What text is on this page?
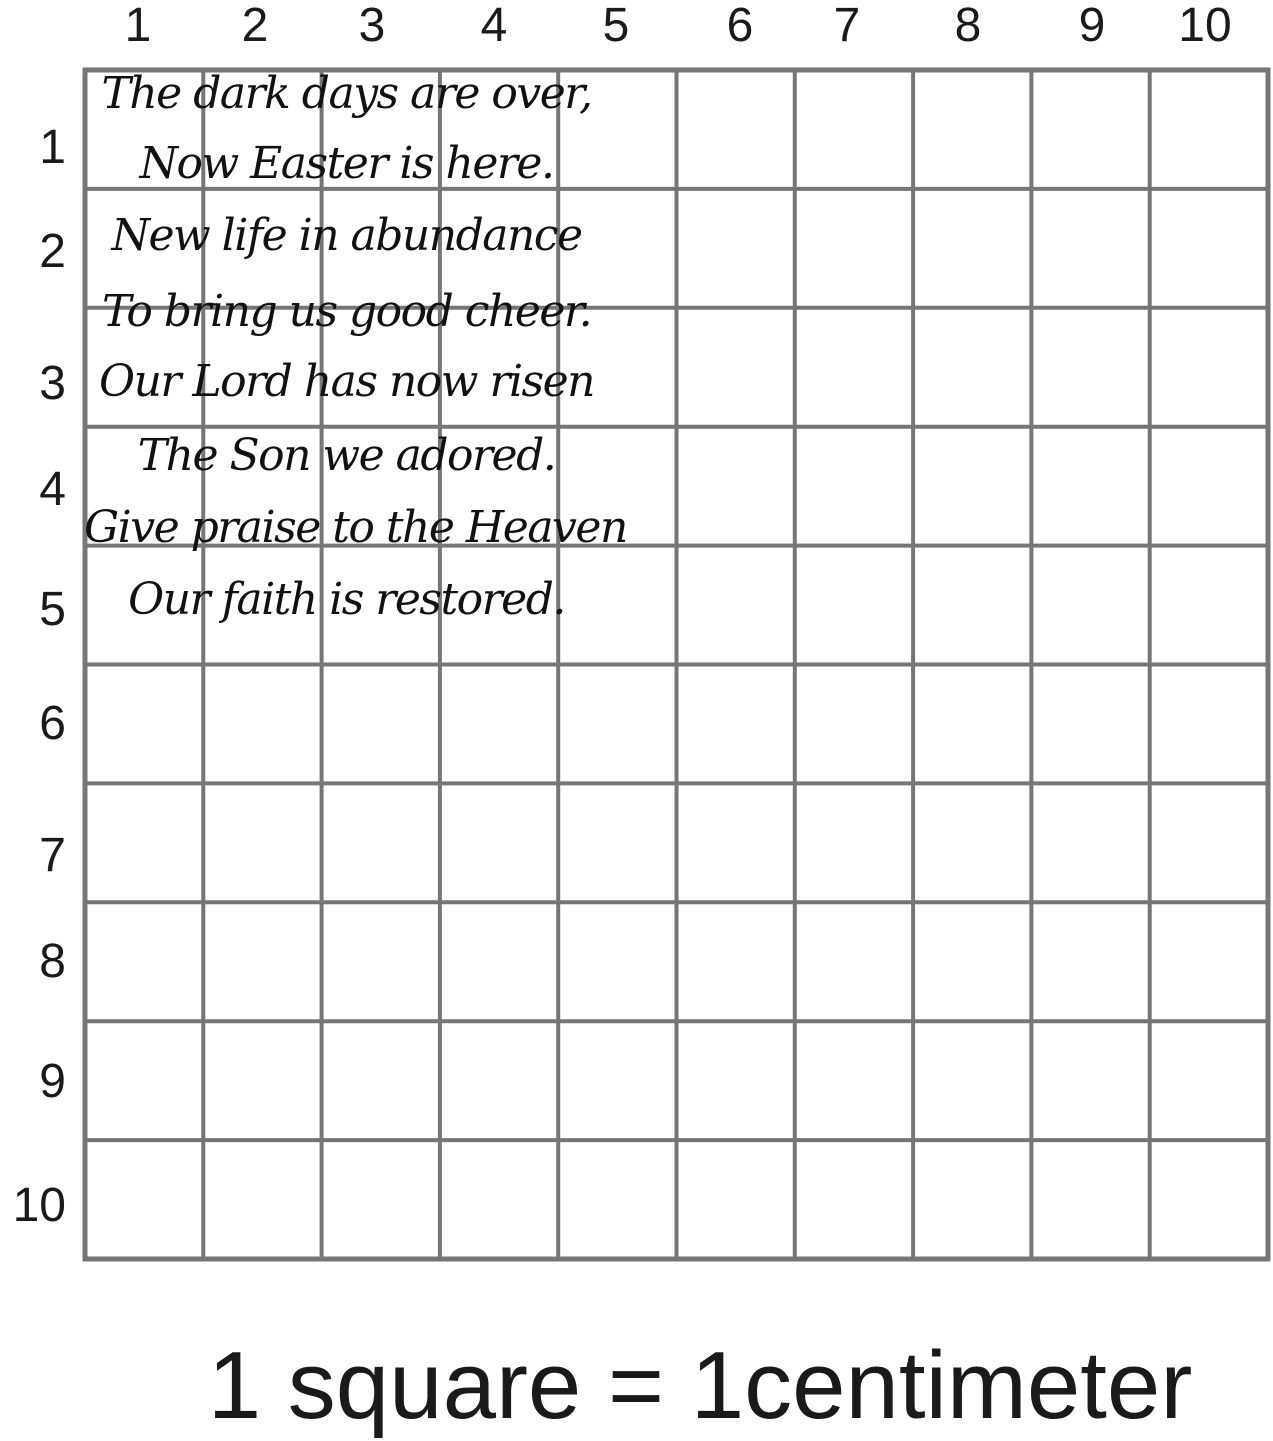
1	2	3	4	5	6	7	8	9	10
1
2
3
4
5
6
7
8
9
10
The dark days are over,
Now Easter is here.
New life in abundance
To bring us good cheer.
Our Lord has now risen
The Son we adored.
Give praise to the Heaven
Our faith is restored.
1 square = 1centimeter
